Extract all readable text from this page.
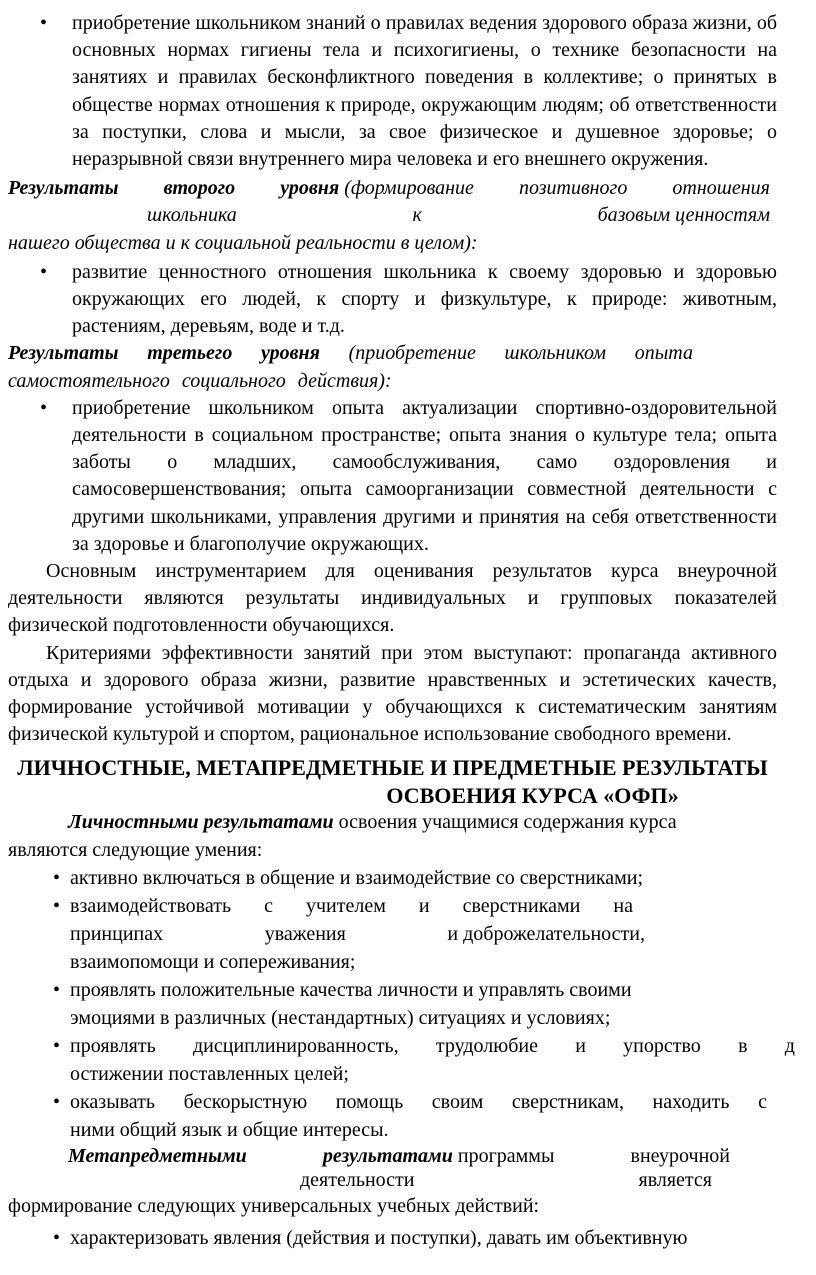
• приобретение школьником знаний о правилах ведения здорового образа жизни, об основных нормах гигиены тела и психогигиены, о технике безопасности на занятиях и правилах бесконфликтного поведения в коллективе; о принятых в обществе нормах отношения к природе, окружающим людям; об ответственности за поступки, слова и мысли, за свое физическое и душевное здоровье; о неразрывной связи внутреннего мира человека и его внешнего окружения.
Результаты второго уровня (формирование позитивного отношения
школьника	к	базовым ценностям
нашего общества и к социальной реальности в целом):
• развитие ценностного отношения школьника к своему здоровью и здоровью окружающих его людей, к спорту и физкультуре, к природе: животным, растениям, деревьям, воде и т.д.
Результаты третьего уровня (приобретение школьником опыта
самостоятельного социального действия):
• приобретение школьником опыта актуализации спортивно-оздоровительной деятельности в социальном пространстве; опыта знания о культуре тела; опыта заботы о младших, самообслуживания, само оздоровления и самосовершенствования; опыта самоорганизации совместной деятельности с другими школьниками, управления другими и принятия на себя ответственности за здоровье и благополучие окружающих.
Основным инструментарием для оценивания результатов курса внеурочной деятельности являются результаты индивидуальных и групповых показателей физической подготовленности обучающихся.
Критериями эффективности занятий при этом выступают: пропаганда активного отдыха и здорового образа жизни, развитие нравственных и эстетических качеств, формирование устойчивой мотивации у обучающихся к систематическим занятиям физической культурой и спортом, рациональное использование свободного времени.
ЛИЧНОСТНЫЕ, МЕТАПРЕДМЕТНЫЕ И ПРЕДМЕТНЫЕ РЕЗУЛЬТАТЫ
ОСВОЕНИЯ КУРСА «ОФП»
Личностными результатами освоения учащимися содержания курса
являются следующие умения:
• активно включаться в общение и взаимодействие со сверстниками;
• взаимодействовать с учителем и сверстниками на
принципах	уважения	и доброжелательности,
взаимопомощи и сопереживания;
• проявлять положительные качества личности и управлять своими
эмоциями в различных (нестандартных) ситуациях и условиях;
• проявлять дисциплинированность, трудолюбие и упорство в д
остижении поставленных целей;
• оказывать бескорыстную помощь своим сверстникам, находить с
ними общий язык и общие интересы.
Метапредметными	результатами программы	внеурочной
деятельности	является
формирование следующих универсальных учебных действий:
• характеризовать явления (действия и поступки), давать им объективную
